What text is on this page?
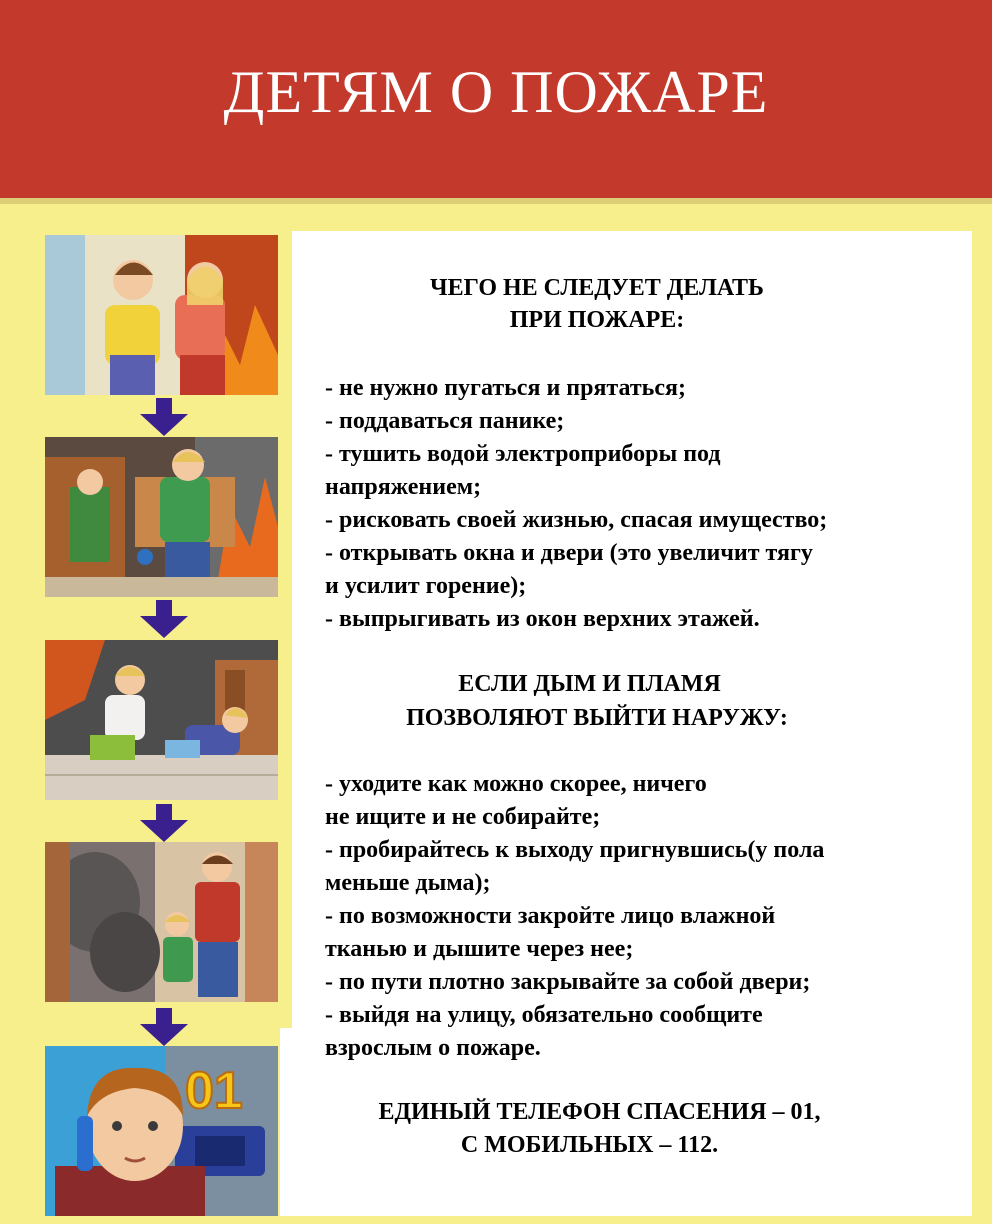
ДЕТЯМ О ПОЖАРЕ
01
ЧЕГО НЕ СЛЕДУЕТ ДЕЛАТЬ
ПРИ ПОЖАРЕ:
- не нужно пугаться и прятаться;
- поддаваться панике;
- тушить водой электроприборы под
напряжением;
- рисковать своей жизнью, спасая имущество;
- открывать окна и двери (это увеличит тягу
и усилит горение);
- выпрыгивать из окон верхних этажей.
ЕСЛИ ДЫМ И ПЛАМЯ
ПОЗВОЛЯЮТ ВЫЙТИ НАРУЖУ:
- уходите как можно скорее, ничего
не ищите и не собирайте;
- пробирайтесь к выходу пригнувшись(у пола
меньше дыма);
- по возможности закройте лицо влажной
тканью и дышите через нее;
- по пути плотно закрывайте за собой двери;
- выйдя на улицу, обязательно сообщите
взрослым о пожаре.
ЕДИНЫЙ ТЕЛЕФОН СПАСЕНИЯ – 01,
С МОБИЛЬНЫХ – 112.
